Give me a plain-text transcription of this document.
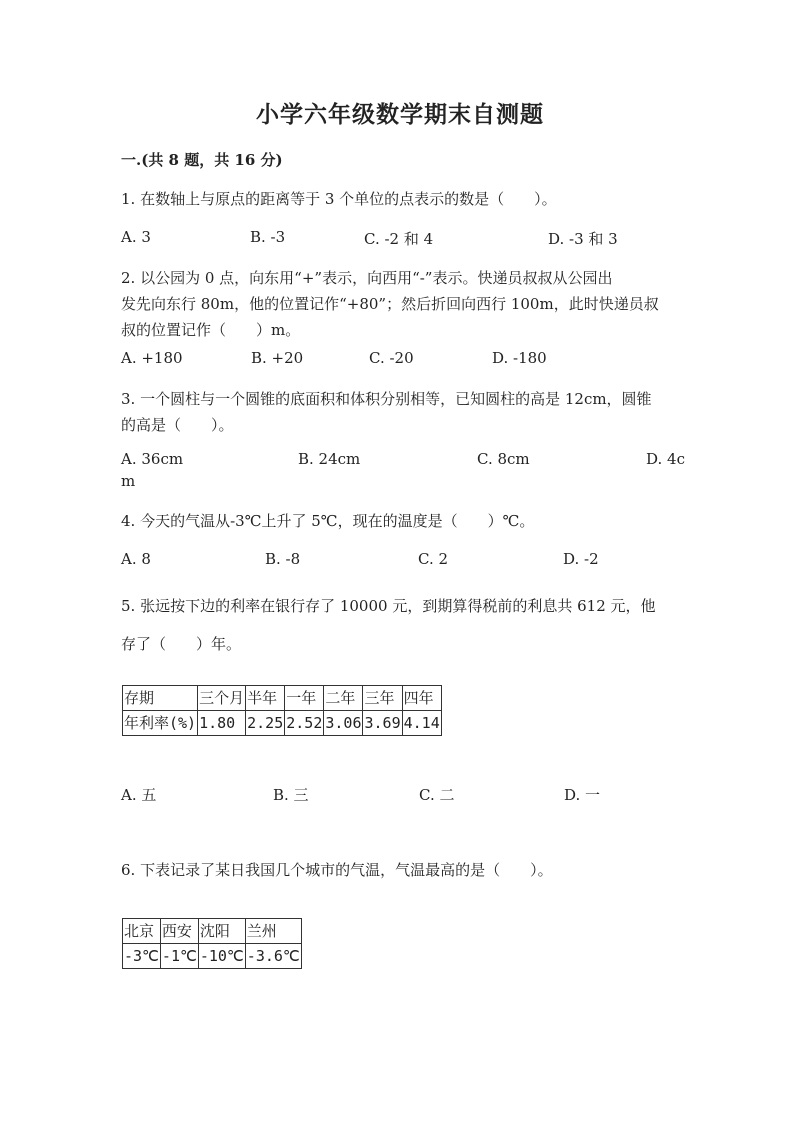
小学六年级数学期末自测题
一.(共 8 题，共 16 分)
1. 在数轴上与原点的距离等于 3 个单位的点表示的数是（　　）。
A. 3	B. -3	C. -2 和 4	D. -3 和 3
2. 以公园为 0 点，向东用“+”表示，向西用“-”表示。快递员叔叔从公园出
发先向东行 80m，他的位置记作“+80”；然后折回向西行 100m，此时快递员叔
叔的位置记作（　　）m。
A. +180	B. +20	C. -20	D. -180
3. 一个圆柱与一个圆锥的底面积和体积分别相等，已知圆柱的高是 12cm，圆锥
的高是（　　）。
A. 36cm	B. 24cm	C. 8cm	D. 4c
m
4. 今天的气温从-3℃上升了 5℃，现在的温度是（　　）℃。
A. 8	B. -8	C. 2	D. -2
5. 张远按下边的利率在银行存了 10000 元，到期算得税前的利息共 612 元，他
存了（　　）年。
存期	三个月	半年	一年	二年	三年	四年
年利率(%)	1.80	2.25	2.52	3.06	3.69	4.14
A. 五	B. 三	C. 二	D. 一
6. 下表记录了某日我国几个城市的气温，气温最高的是（　　）。
北京	西安	沈阳	兰州
-3℃	-1℃	-10℃	-3.6℃
